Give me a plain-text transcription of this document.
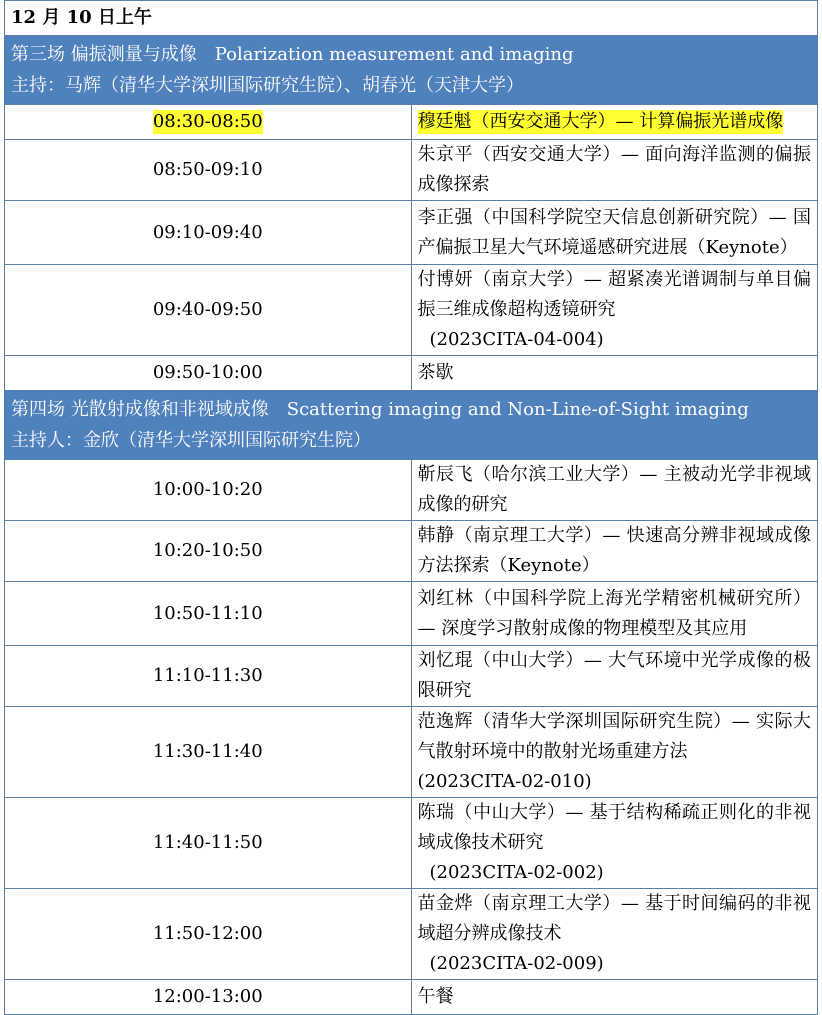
12 月 10 日上午	

第三场 偏振测量与成像 Polarization measurement and imaging
主持：马辉（清华大学深圳国际研究生院）、胡春光（天津大学）	

08:30-08:50	穆廷魁（西安交通大学）— 计算偏振光谱成像
08:50-09:10	朱京平（西安交通大学）— 面向海洋监测的偏振成像探索
09:10-09:40	李正强（中国科学院空天信息创新研究院）— 国产偏振卫星大气环境遥感研究进展（Keynote）
09:40-09:50	付博妍（南京大学）— 超紧凑光谱调制与单目偏振三维成像超构透镜研究
(2023CITA-04-004)

09:50-10:00	茶歇

第四场 光散射成像和非视域成像 Scattering imaging and Non-Line-of-Sight imaging
主持人：金欣（清华大学深圳国际研究生院）	

10:00-10:20	靳辰飞（哈尔滨工业大学）— 主被动光学非视域成像的研究
10:20-10:50	韩静（南京理工大学）— 快速高分辨非视域成像方法探索（Keynote）
10:50-11:10	刘红林（中国科学院上海光学精密机械研究所）— 深度学习散射成像的物理模型及其应用
11:10-11:30	刘忆琨（中山大学）— 大气环境中光学成像的极限研究
11:30-11:40	范逸辉（清华大学深圳国际研究生院）— 实际大气散射环境中的散射光场重建方法
(2023CITA-02-010)

11:40-11:50	陈瑞（中山大学）— 基于结构稀疏正则化的非视域成像技术研究
(2023CITA-02-002)

11:50-12:00	苗金烨（南京理工大学）— 基于时间编码的非视域超分辨成像技术
(2023CITA-02-009)

12:00-13:00	午餐
